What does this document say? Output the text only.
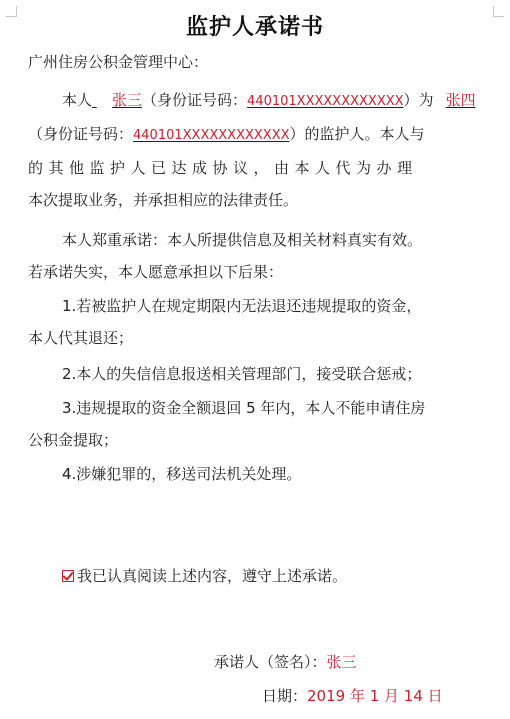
监护人承诺书
广州住房公积金管理中心：
本人 张三（身份证号码：440101XXXXXXXXXXXX）为 张四
（身份证号码：440101XXXXXXXXXXXX）的监护人。本人与
的其他监护人已达成协议，由本人代为办理
本次提取业务，并承担相应的法律责任。
本人郑重承诺：本人所提供信息及相关材料真实有效。
若承诺失实，本人愿意承担以下后果：
1.若被监护人在规定期限内无法退还违规提取的资金，
本人代其退还；
2.本人的失信信息报送相关管理部门，接受联合惩戒；
3.违规提取的资金全额退回 5 年内，本人不能申请住房
公积金提取；
4.涉嫌犯罪的，移送司法机关处理。
我已认真阅读上述内容，遵守上述承诺。
承诺人（签名）：张三
日期：2019 年 1 月 14 日
